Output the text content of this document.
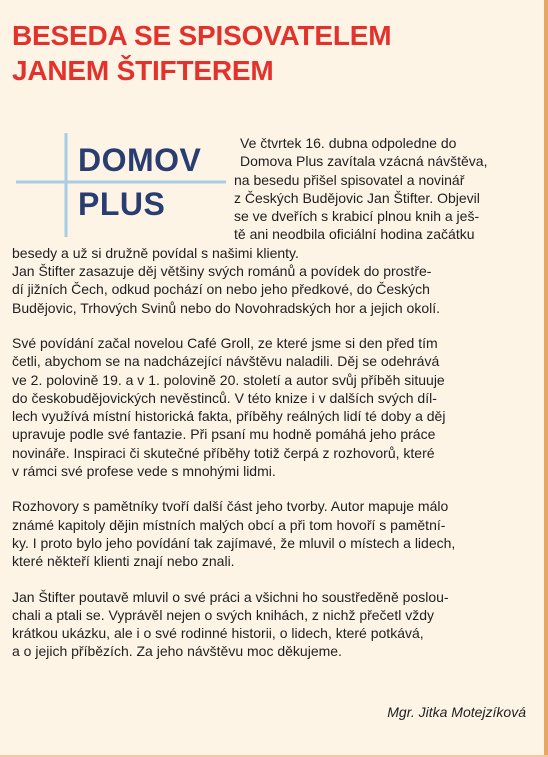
BESEDA SE SPISOVATELEM
JANEM ŠTIFTEREM
DOMOV
PLUS
Ve čtvrtek 16. dubna odpoledne do
Domova Plus zavítala vzácná návštěva,
na besedu přišel spisovatel a novinář
z Českých Budějovic Jan Štifter. Objevil
se ve dveřích s krabicí plnou knih a ješ-
tě ani neodbila oficiální hodina začátku
besedy a už si družně povídal s našimi klienty.
Jan Štifter zasazuje děj většiny svých románů a povídek do prostře-
dí jižních Čech, odkud pochází on nebo jeho předkové, do Českých
Budějovic, Trhových Svinů nebo do Novohradských hor a jejich okolí.
Své povídání začal novelou Café Groll, ze které jsme si den před tím
četli, abychom se na nadcházející návštěvu naladili. Děj se odehrává
ve 2. polovině 19. a v 1. polovině 20. století a autor svůj příběh situuje
do českobudějovických nevěstinců. V této knize i v dalších svých díl-
lech využívá místní historická fakta, příběhy reálných lidí té doby a děj
upravuje podle své fantazie. Při psaní mu hodně pomáhá jeho práce
novináře. Inspiraci či skutečné příběhy totiž čerpá z rozhovorů, které
v rámci své profese vede s mnohými lidmi.
Rozhovory s pamětníky tvoří další část jeho tvorby. Autor mapuje málo
známé kapitoly dějin místních malých obcí a při tom hovoří s pamětní-
ky. I proto bylo jeho povídání tak zajímavé, že mluvil o místech a lidech,
které někteří klienti znají nebo znali.
Jan Štifter poutavě mluvil o své práci a všichni ho soustředěně poslou-
chali a ptali se. Vyprávěl nejen o svých knihách, z nichž přečetl vždy
krátkou ukázku, ale i o své rodinné historii, o lidech, které potkává,
a o jejich příbězích. Za jeho návštěvu moc děkujeme.
Mgr. Jitka Motejzíková
